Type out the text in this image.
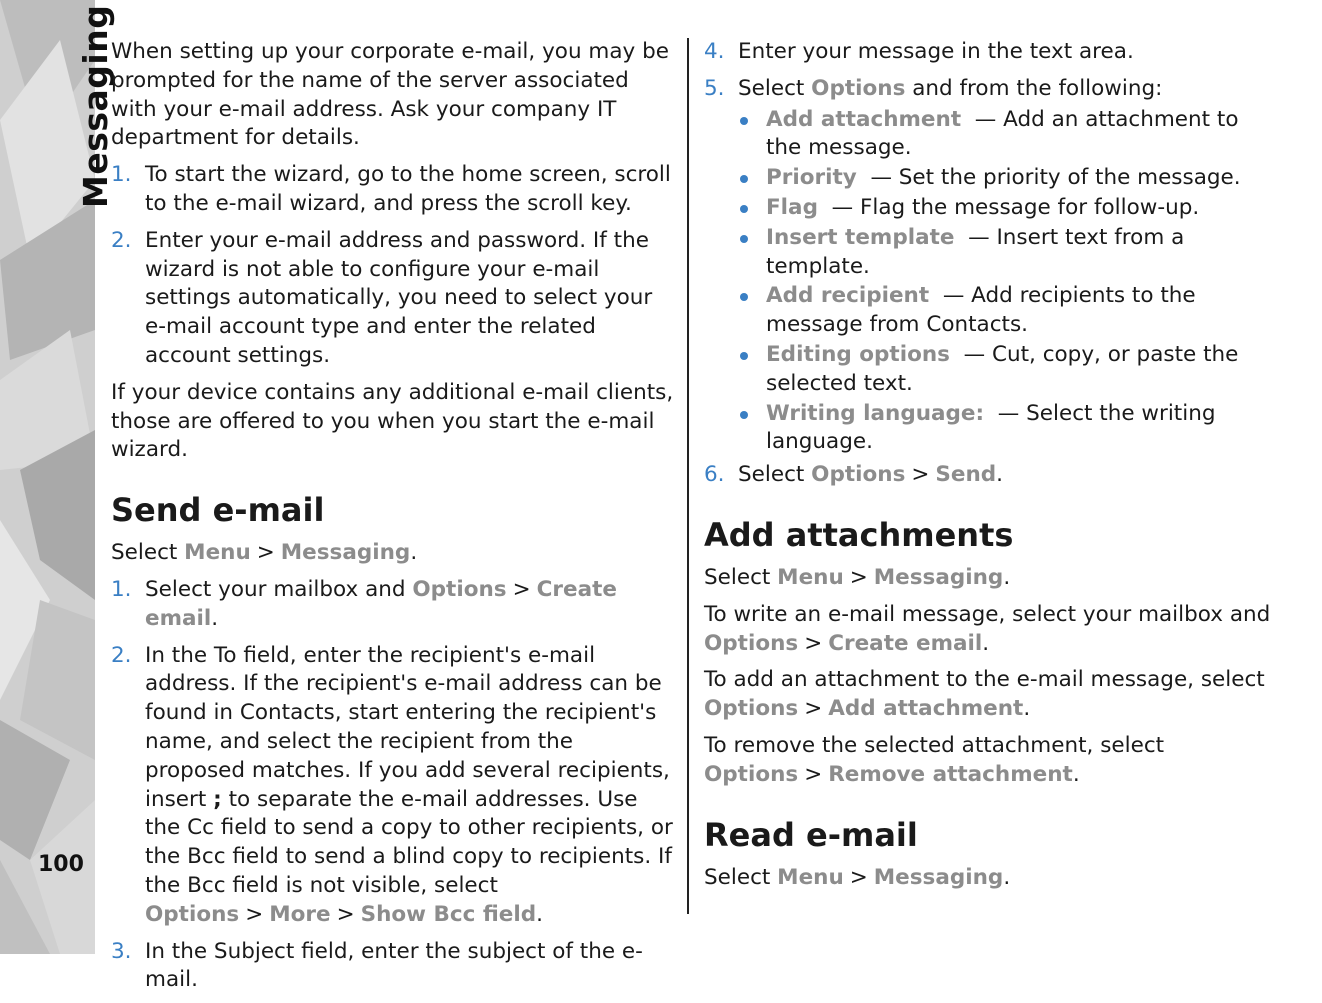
Messaging
100

When setting up your corporate e-mail, you may be prompted for the name of the server associated with your e-mail address. Ask your company IT department for details.

1. To start the wizard, go to the home screen, scroll to the e-mail wizard, and press the scroll key.
2. Enter your e-mail address and password. If the wizard is not able to configure your e-mail settings automatically, you need to select your e-mail account type and enter the related account settings.

If your device contains any additional e-mail clients, those are offered to you when you start the e-mail wizard.

Send e-mail

Select Menu > Messaging.

1. Select your mailbox and Options > Create email.
2. In the To field, enter the recipient's e-mail address. If the recipient's e-mail address can be found in Contacts, start entering the recipient's name, and select the recipient from the proposed matches. If you add several recipients, insert ; to separate the e-mail addresses. Use the Cc field to send a copy to other recipients, or the Bcc field to send a blind copy to recipients. If the Bcc field is not visible, select Options > More > Show Bcc field.
3. In the Subject field, enter the subject of the e-mail.
4. Enter your message in the text area.
5. Select Options and from the following:
Add attachment — Add an attachment to the message.
Priority — Set the priority of the message.
Flag — Flag the message for follow-up.
Insert template — Insert text from a template.
Add recipient — Add recipients to the message from Contacts.
Editing options — Cut, copy, or paste the selected text.
Writing language: — Select the writing language.
6. Select Options > Send.
Add attachments

Select Menu > Messaging.

To write an e-mail message, select your mailbox and Options > Create email.

To add an attachment to the e-mail message, select Options > Add attachment.

To remove the selected attachment, select Options > Remove attachment.

Read e-mail

Select Menu > Messaging.
